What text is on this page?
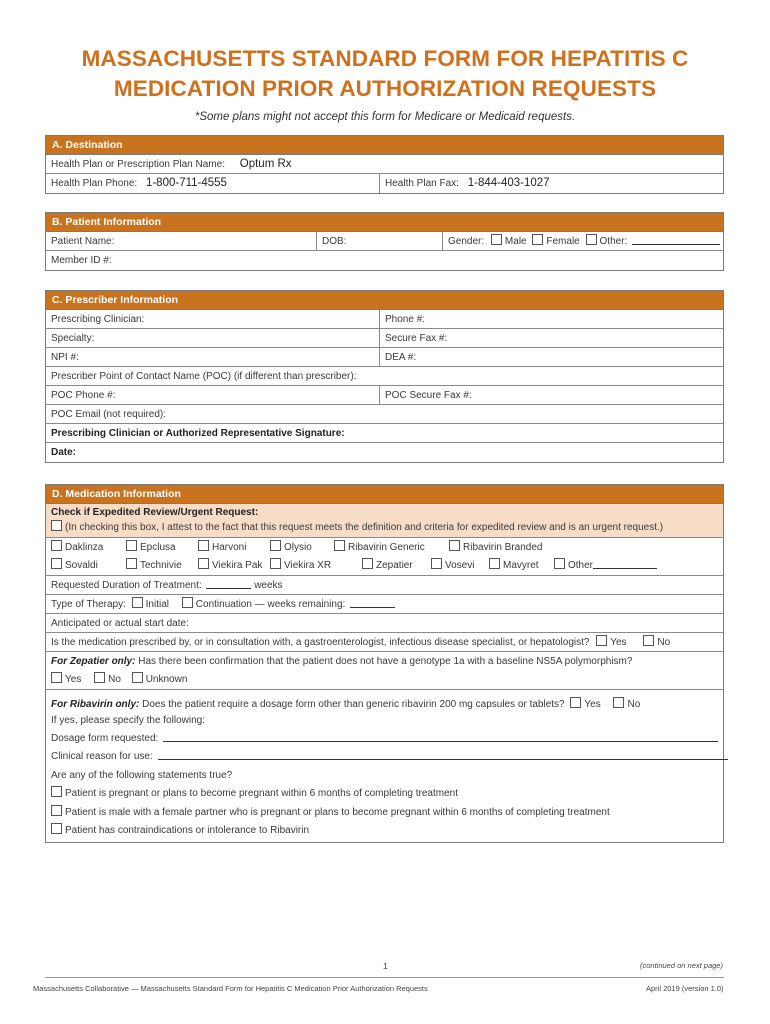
MASSACHUSETTS STANDARD FORM FOR HEPATITIS C
MEDICATION PRIOR AUTHORIZATION REQUESTS
*Some plans might not accept this form for Medicare or Medicaid requests.
A. Destination
Health Plan or Prescription Plan Name: Optum Rx
Health Plan Phone: 1-800-711-4555	Health Plan Fax: 1-844-403-1027
B. Patient Information
Patient Name:	DOB:	Gender: Male Female Other:
Member ID #:
C. Prescriber Information
Prescribing Clinician:	Phone #:
Specialty:	Secure Fax #:
NPI #:	DEA #:
Prescriber Point of Contact Name (POC) (if different than prescriber):
POC Phone #:	POC Secure Fax #:
POC Email (not required):
Prescribing Clinician or Authorized Representative Signature:
Date:
D. Medication Information
Check if Expedited Review/Urgent Request:
(In checking this box, I attest to the fact that this request meets the definition and criteria for expedited review and is an urgent request.)
Daklinza	Epclusa	Harvoni	Olysio	Ribavirin Generic	Ribavirin Branded
Sovaldi	Technivie	Viekira Pak	Viekira XR	Zepatier	Vosevi	Mavyret	Other
Requested Duration of Treatment:	weeks
Type of Therapy: Initial	Continuation — weeks remaining:
Anticipated or actual start date:
Is the medication prescribed by, or in consultation with, a gastroenterologist, infectious disease specialist, or hepatologist? Yes	No
For Zepatier only: Has there been confirmation that the patient does not have a genotype 1a with a baseline NS5A polymorphism?
Yes	No Unknown
For Ribavirin only: Does the patient require a dosage form other than generic ribavirin 200 mg capsules or tablets? Yes	No
If yes, please specify the following:
Dosage form requested:
Clinical reason for use:
Are any of the following statements true?
Patient is pregnant or plans to become pregnant within 6 months of completing treatment
Patient is male with a female partner who is pregnant or plans to become pregnant within 6 months of completing treatment
Patient has contraindications or intolerance to Ribavirin
1	(continued on next page)
Massachusetts Collaborative — Massachusetts Standard Form for Hepatitis C Medication Prior Authorization Requests	April 2019 (version 1.0)
